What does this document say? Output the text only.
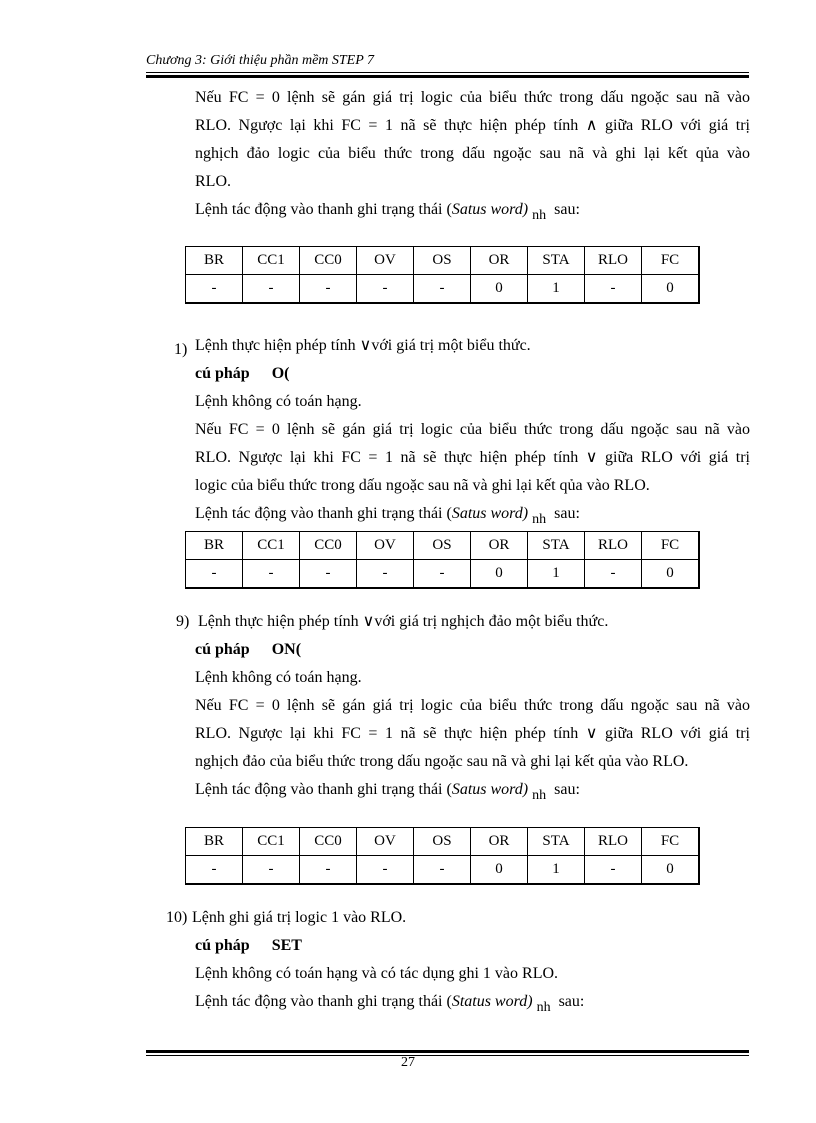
Chương 3: Giới thiệu phần mềm STEP 7
Nếu FC = 0 lệnh sẽ gán giá trị logic của biểu thức trong dấu ngoặc sau nã vào
RLO. Ngược lại khi FC = 1 nã sẽ thực hiện phép tính ∧ giữa RLO với giá trị
nghịch đảo logic của biểu thức trong dấu ngoặc sau nã và ghi lại kết qủa vào
RLO.
Lệnh tác động vào thanh ghi trạng thái (Satus word) nh sau:
BR	CC1	CC0	OV	OS	OR	STA	RLO	FC
-	-	-	-	-	0	1	-	0
1) Lệnh thực hiện phép tính ∨với giá trị một biểu thức.
cú pháp O(
Lệnh không có toán hạng.
Nếu FC = 0 lệnh sẽ gán giá trị logic của biểu thức trong dấu ngoặc sau nã vào
RLO. Ngược lại khi FC = 1 nã sẽ thực hiện phép tính ∨ giữa RLO với giá trị
logic của biểu thức trong dấu ngoặc sau nã và ghi lại kết qủa vào RLO.
Lệnh tác động vào thanh ghi trạng thái (Satus word) nh sau:
BR	CC1	CC0	OV	OS	OR	STA	RLO	FC
-	-	-	-	-	0	1	-	0
9) Lệnh thực hiện phép tính ∨với giá trị nghịch đảo một biểu thức.
cú pháp ON(
Lệnh không có toán hạng.
Nếu FC = 0 lệnh sẽ gán giá trị logic của biểu thức trong dấu ngoặc sau nã vào
RLO. Ngược lại khi FC = 1 nã sẽ thực hiện phép tính ∨ giữa RLO với giá trị
nghịch đảo của biểu thức trong dấu ngoặc sau nã và ghi lại kết qủa vào RLO.
Lệnh tác động vào thanh ghi trạng thái (Satus word) nh sau:
BR	CC1	CC0	OV	OS	OR	STA	RLO	FC
-	-	-	-	-	0	1	-	0
10) Lệnh ghi giá trị logic 1 vào RLO.
cú pháp SET
Lệnh không có toán hạng và có tác dụng ghi 1 vào RLO.
Lệnh tác động vào thanh ghi trạng thái (Status word) nh sau:
27
